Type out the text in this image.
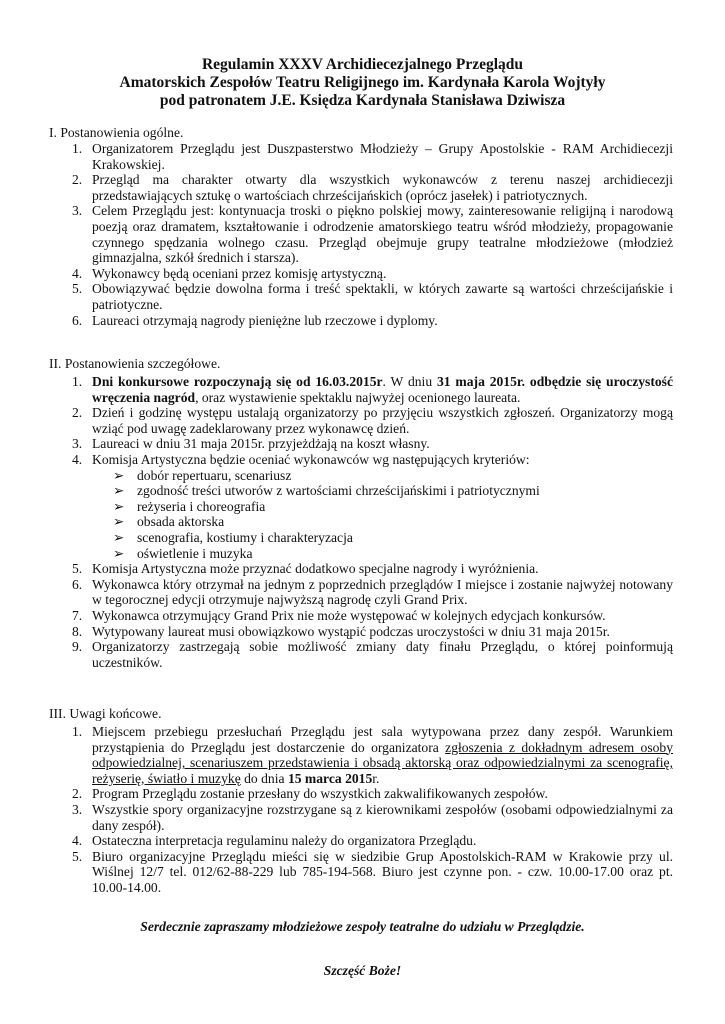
Regulamin XXXV Archidiecezjalnego Przeglądu
Amatorskich Zespołów Teatru Religijnego im. Kardynała Karola Wojtyły
pod patronatem J.E. Księdza Kardynała Stanisława Dziwisza
I. Postanowienia ogólne.
1. Organizatorem Przeglądu jest Duszpasterstwo Młodzieży – Grupy Apostolskie - RAM Archidiecezji Krakowskiej.
2. Przegląd ma charakter otwarty dla wszystkich wykonawców z terenu naszej archidiecezji przedstawiających sztukę o wartościach chrześcijańskich (oprócz jasełek) i patriotycznych.
3. Celem Przeglądu jest: kontynuacja troski o piękno polskiej mowy, zainteresowanie religijną i narodową poezją oraz dramatem, kształtowanie i odrodzenie amatorskiego teatru wśród młodzieży, propagowanie czynnego spędzania wolnego czasu. Przegląd obejmuje grupy teatralne młodzieżowe (młodzież gimnazjalna, szkół średnich i starsza).
4. Wykonawcy będą oceniani przez komisję artystyczną.
5. Obowiązywać będzie dowolna forma i treść spektakli, w których zawarte są wartości chrześcijańskie i patriotyczne.
6. Laureaci otrzymają nagrody pieniężne lub rzeczowe i dyplomy.
II. Postanowienia szczegółowe.
1. Dni konkursowe rozpoczynają się od 16.03.2015r. W dniu 31 maja 2015r. odbędzie się uroczystość wręczenia nagród, oraz wystawienie spektaklu najwyżej ocenionego laureata.
2. Dzień i godzinę występu ustalają organizatorzy po przyjęciu wszystkich zgłoszeń. Organizatorzy mogą wziąć pod uwagę zadeklarowany przez wykonawcę dzień.
3. Laureaci w dniu 31 maja 2015r. przyjeżdżają na koszt własny.
4. Komisja Artystyczna będzie oceniać wykonawców wg następujących kryteriów:
➢ dobór repertuaru, scenariusz
➢ zgodność treści utworów z wartościami chrześcijańskimi i patriotycznymi
➢ reżyseria i choreografia
➢ obsada aktorska
➢ scenografia, kostiumy i charakteryzacja
➢ oświetlenie i muzyka
5. Komisja Artystyczna może przyznać dodatkowo specjalne nagrody i wyróżnienia.
6. Wykonawca który otrzymał na jednym z poprzednich przeglądów I miejsce i zostanie najwyżej notowany w tegorocznej edycji otrzymuje najwyższą nagrodę czyli Grand Prix.
7. Wykonawca otrzymujący Grand Prix nie może występować w kolejnych edycjach konkursów.
8. Wytypowany laureat musi obowiązkowo wystąpić podczas uroczystości w dniu 31 maja 2015r.
9. Organizatorzy zastrzegają sobie możliwość zmiany daty finału Przeglądu, o której poinformują uczestników.
III. Uwagi końcowe.
1. Miejscem przebiegu przesłuchań Przeglądu jest sala wytypowana przez dany zespół. Warunkiem przystąpienia do Przeglądu jest dostarczenie do organizatora zgłoszenia z dokładnym adresem osoby odpowiedzialnej, scenariuszem przedstawienia i obsadą aktorską oraz odpowiedzialnymi za scenografię, reżyserię, światło i muzykę do dnia 15 marca 2015r.
2. Program Przeglądu zostanie przesłany do wszystkich zakwalifikowanych zespołów.
3. Wszystkie spory organizacyjne rozstrzygane są z kierownikami zespołów (osobami odpowiedzialnymi za dany zespół).
4. Ostateczna interpretacja regulaminu należy do organizatora Przeglądu.
5. Biuro organizacyjne Przeglądu mieści się w siedzibie Grup Apostolskich-RAM w Krakowie przy ul. Wiślnej 12/7 tel. 012/62-88-229 lub 785-194-568. Biuro jest czynne pon. - czw. 10.00-17.00 oraz pt. 10.00-14.00.
Serdecznie zapraszamy młodzieżowe zespoły teatralne do udziału w Przeglądzie.
Szczęść Boże!
